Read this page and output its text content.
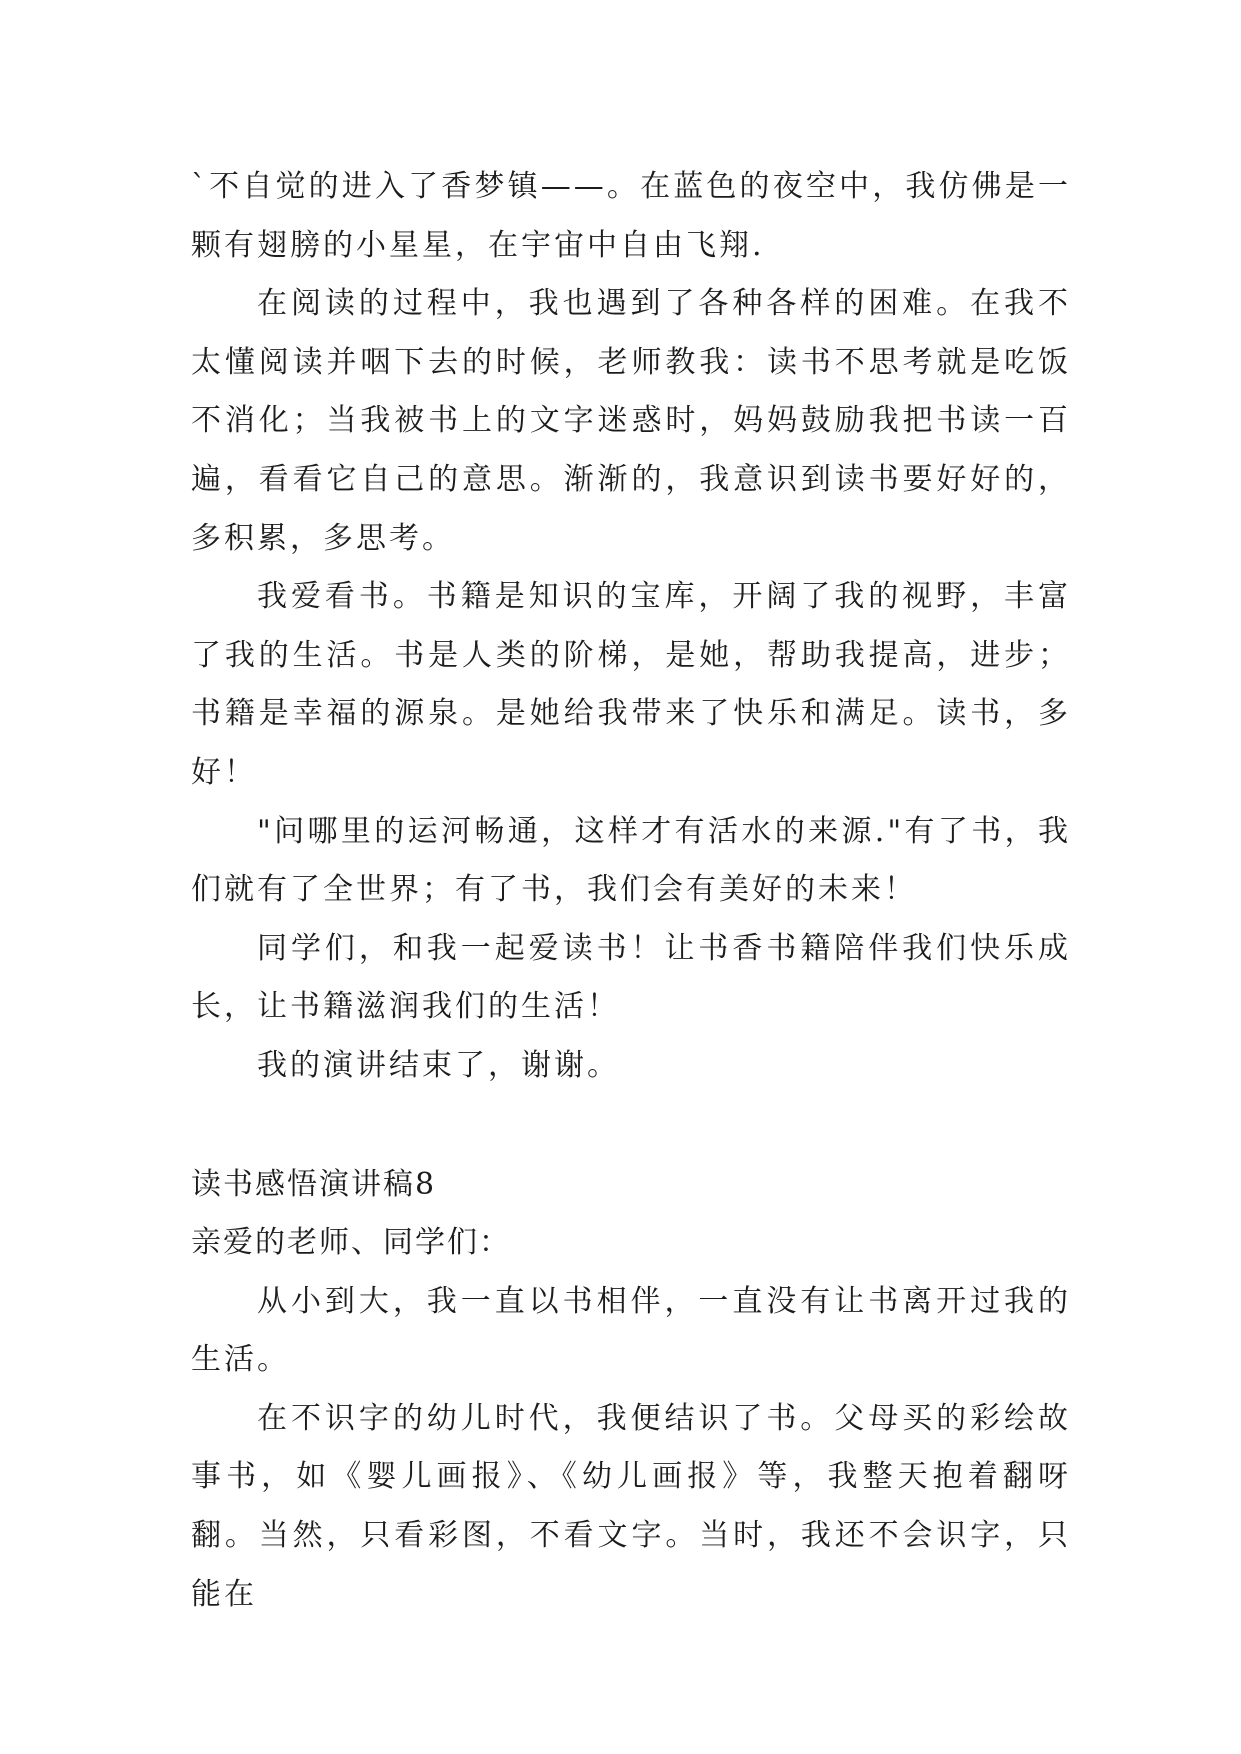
`不自觉的进入了香梦镇——。在蓝色的夜空中，我仿佛是一颗有翅膀的小星星，在宇宙中自由飞翔.

在阅读的过程中，我也遇到了各种各样的困难。在我不太懂阅读并咽下去的时候，老师教我：读书不思考就是吃饭不消化；当我被书上的文字迷惑时，妈妈鼓励我把书读一百遍，看看它自己的意思。渐渐的，我意识到读书要好好的，多积累，多思考。

我爱看书。书籍是知识的宝库，开阔了我的视野，丰富了我的生活。书是人类的阶梯，是她，帮助我提高，进步；书籍是幸福的源泉。是她给我带来了快乐和满足。读书，多好！

"问哪里的运河畅通，这样才有活水的来源."有了书，我们就有了全世界；有了书，我们会有美好的未来！

同学们，和我一起爱读书！让书香书籍陪伴我们快乐成长，让书籍滋润我们的生活！

我的演讲结束了，谢谢。

读书感悟演讲稿8

亲爱的老师、同学们：

从小到大，我一直以书相伴，一直没有让书离开过我的生活。

在不识字的幼儿时代，我便结识了书。父母买的彩绘故事书，如《婴儿画报》、《幼儿画报》等，我整天抱着翻呀翻。当然，只看彩图，不看文字。当时，我还不会识字，只能在
